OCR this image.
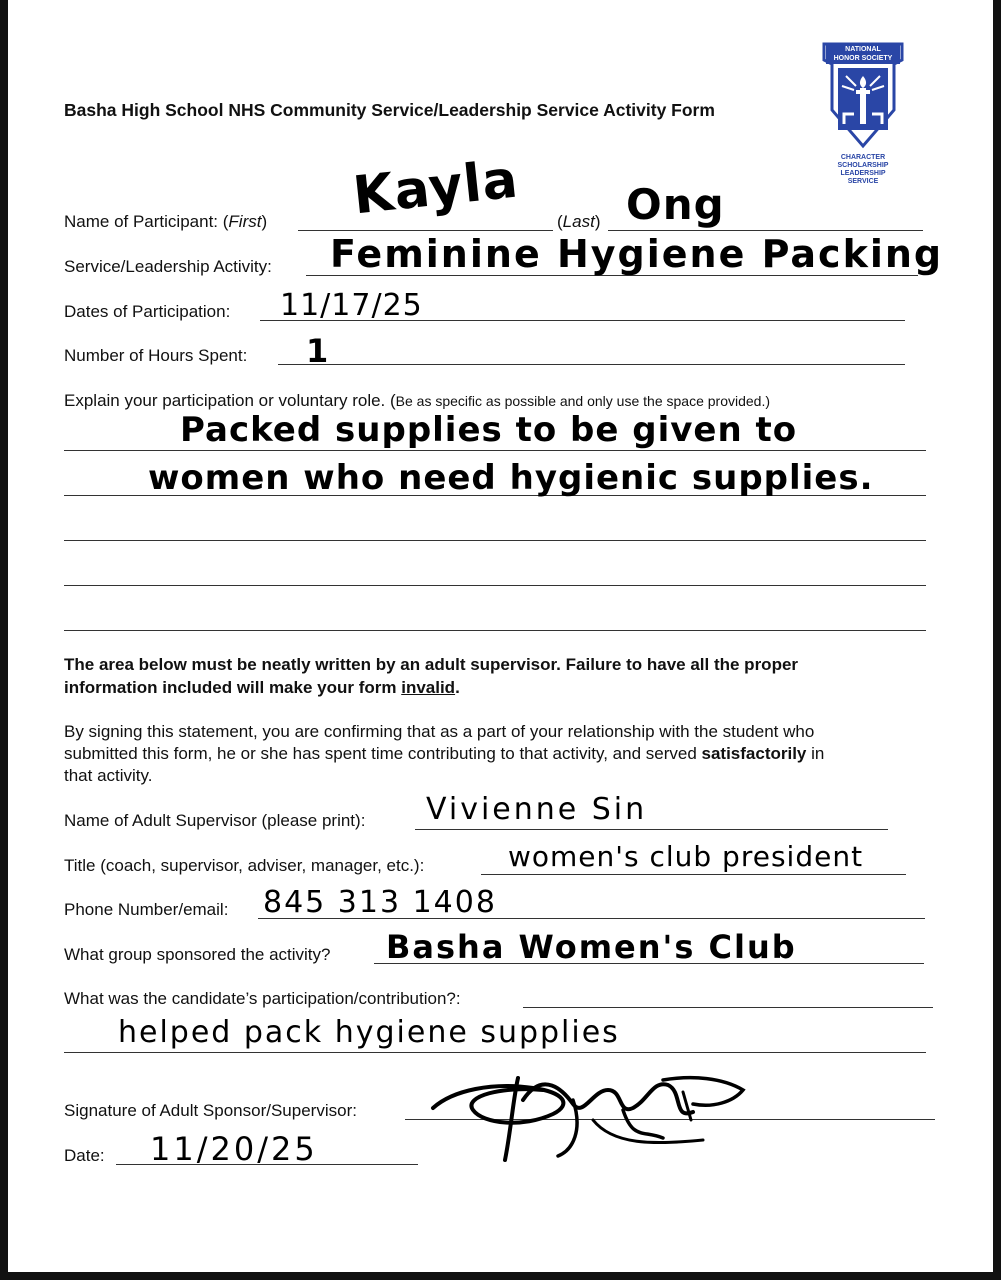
Basha High School NHS Community Service/Leadership Service Activity Form
NATIONAL
HONOR SOCIETY
CHARACTER
SCHOLARSHIP
LEADERSHIP
SERVICE
Name of Participant: (First)	(Last)
Kayla Ong
Service/Leadership Activity: Feminine Hygiene Packing
Dates of Participation: 11/17/25
Number of Hours Spent: 1
Explain your participation or voluntary role. (Be as specific as possible and only use the space provided.)
Packed supplies to be given to
women who need hygienic supplies.
The area below must be neatly written by an adult supervisor. Failure to have all the proper
information included will make your form invalid.
By signing this statement, you are confirming that as a part of your relationship with the student who
submitted this form, he or she has spent time contributing to that activity, and served satisfactorily in
that activity.
Name of Adult Supervisor (please print): Vivienne Sin
Title (coach, supervisor, adviser, manager, etc.):	women's club president
Phone Number/email: 845 313 1408
What group sponsored the activity? Basha Women's Club
What was the candidate’s participation/contribution?:
helped pack hygiene supplies
Signature of Adult Sponsor/Supervisor:
Date: 11/20/25
